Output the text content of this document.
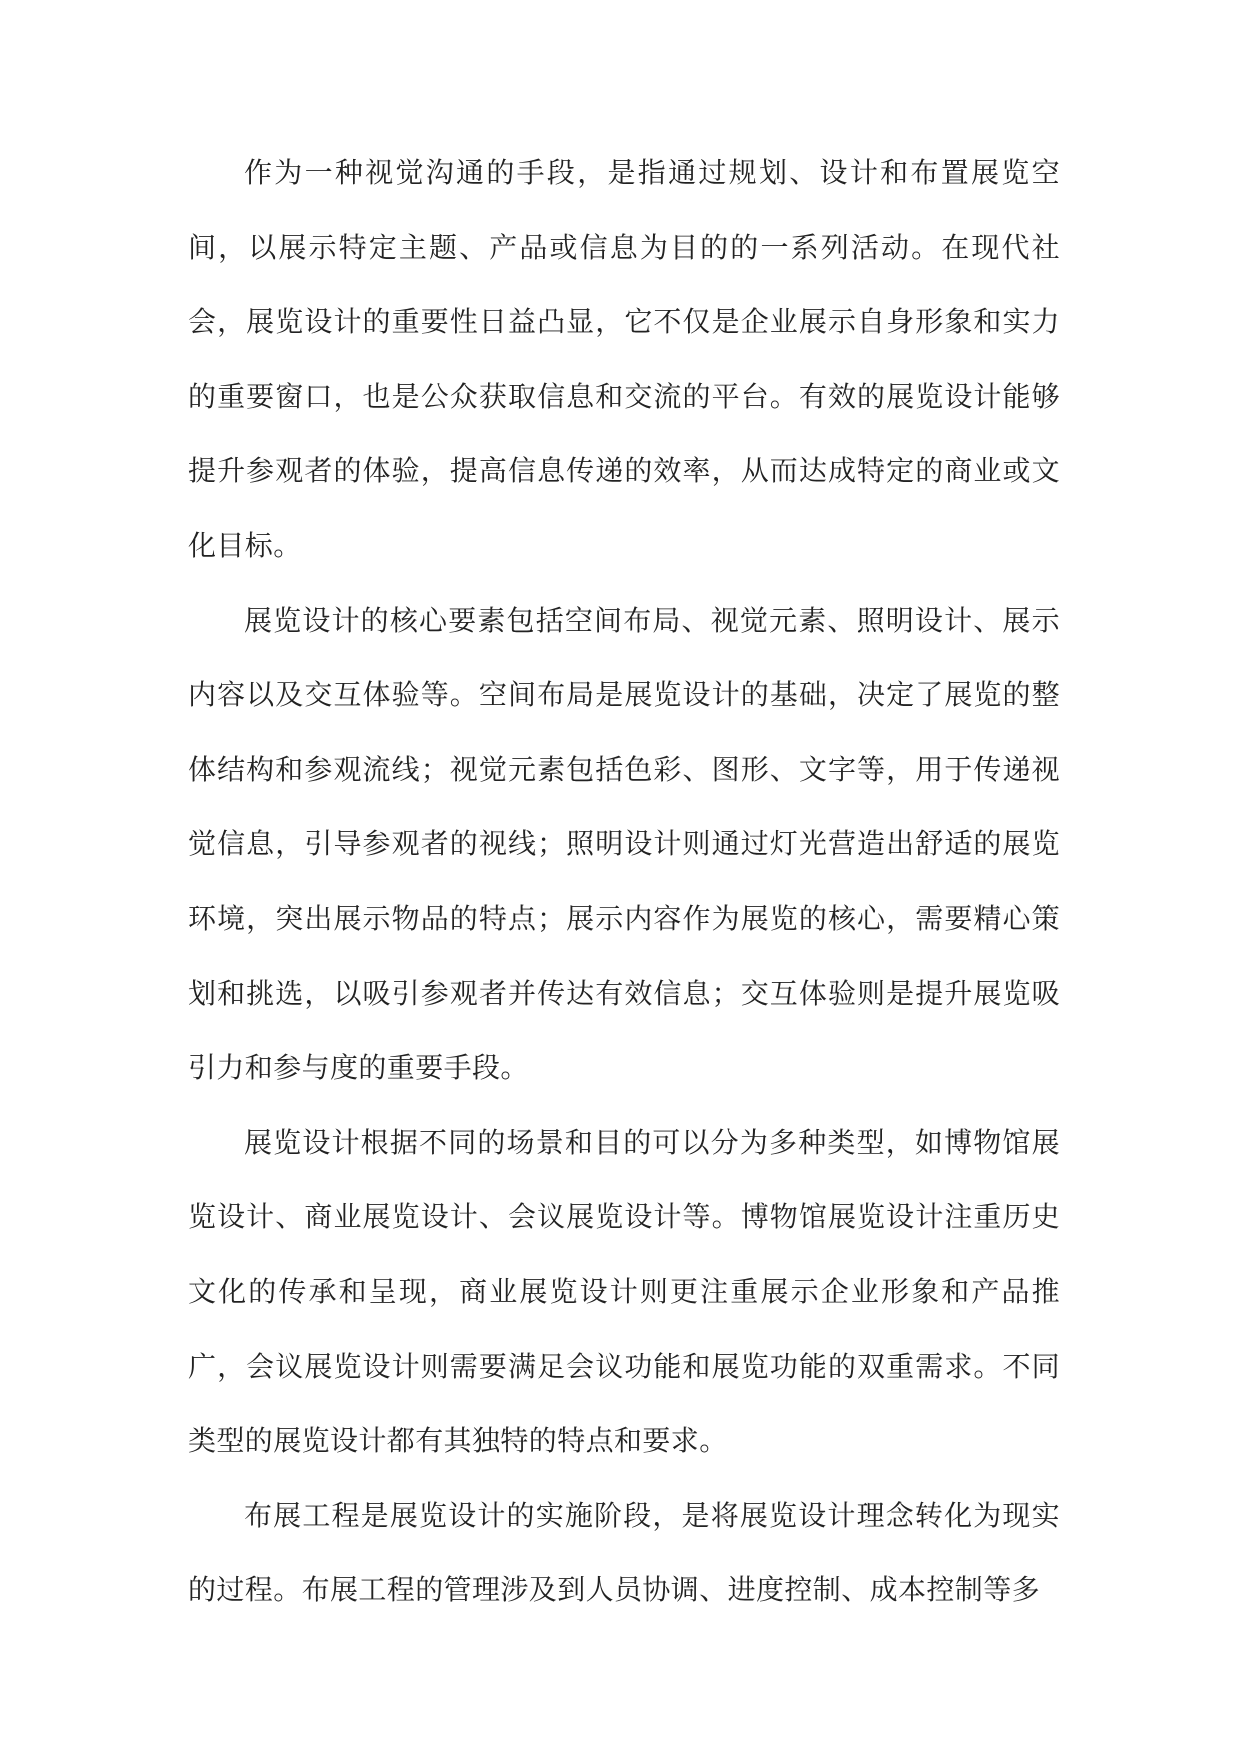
作为一种视觉沟通的手段，是指通过规划、设计和布置展览空间，以展示特定主题、产品或信息为目的的一系列活动。在现代社会，展览设计的重要性日益凸显，它不仅是企业展示自身形象和实力的重要窗口，也是公众获取信息和交流的平台。有效的展览设计能够提升参观者的体验，提高信息传递的效率，从而达成特定的商业或文化目标。

展览设计的核心要素包括空间布局、视觉元素、照明设计、展示内容以及交互体验等。空间布局是展览设计的基础，决定了展览的整体结构和参观流线；视觉元素包括色彩、图形、文字等，用于传递视觉信息，引导参观者的视线；照明设计则通过灯光营造出舒适的展览环境，突出展示物品的特点；展示内容作为展览的核心，需要精心策划和挑选，以吸引参观者并传达有效信息；交互体验则是提升展览吸引力和参与度的重要手段。

展览设计根据不同的场景和目的可以分为多种类型，如博物馆展览设计、商业展览设计、会议展览设计等。博物馆展览设计注重历史文化的传承和呈现，商业展览设计则更注重展示企业形象和产品推广，会议展览设计则需要满足会议功能和展览功能的双重需求。不同类型的展览设计都有其独特的特点和要求。

布展工程是展览设计的实施阶段，是将展览设计理念转化为现实的过程。布展工程的管理涉及到人员协调、进度控制、成本控制等多
